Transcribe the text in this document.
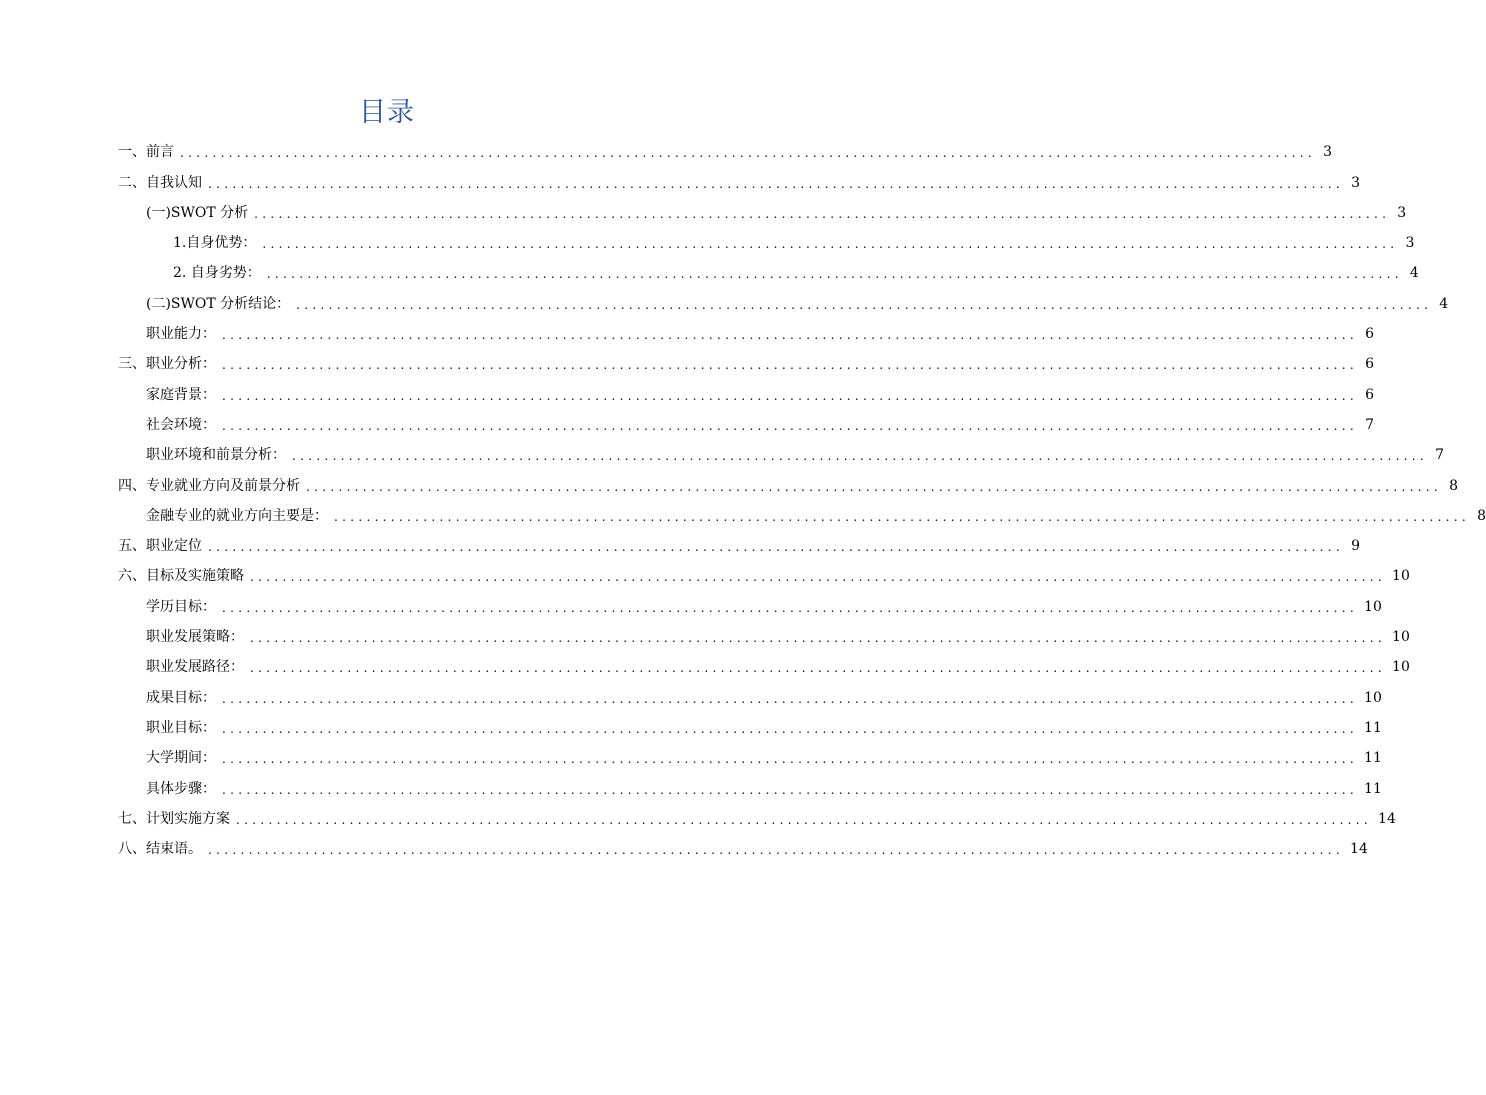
目录
一、前言 ............................................................................................................................................ 3
二、自我认知 ............................................................................................................................................ 3
(一)SWOT 分析 ............................................................................................................................................ 3
1.自身优势： ............................................................................................................................................ 3
2. 自身劣势： ............................................................................................................................................ 4
(二)SWOT 分析结论： ............................................................................................................................................ 4
职业能力： ............................................................................................................................................ 6
三、职业分析： ............................................................................................................................................ 6
家庭背景： ............................................................................................................................................ 6
社会环境： ............................................................................................................................................ 7
职业环境和前景分析： ............................................................................................................................................ 7
四、专业就业方向及前景分析 ............................................................................................................................................ 8
金融专业的就业方向主要是： ............................................................................................................................................ 8
五、职业定位 ............................................................................................................................................ 9
六、目标及实施策略 ............................................................................................................................................ 10
学历目标： ............................................................................................................................................ 10
职业发展策略： ............................................................................................................................................ 10
职业发展路径： ............................................................................................................................................ 10
成果目标： ............................................................................................................................................ 10
职业目标： ............................................................................................................................................ 11
大学期间： ............................................................................................................................................ 11
具体步骤： ............................................................................................................................................ 11
七、计划实施方案 ............................................................................................................................................ 14
八、结束语。 ............................................................................................................................................ 14
